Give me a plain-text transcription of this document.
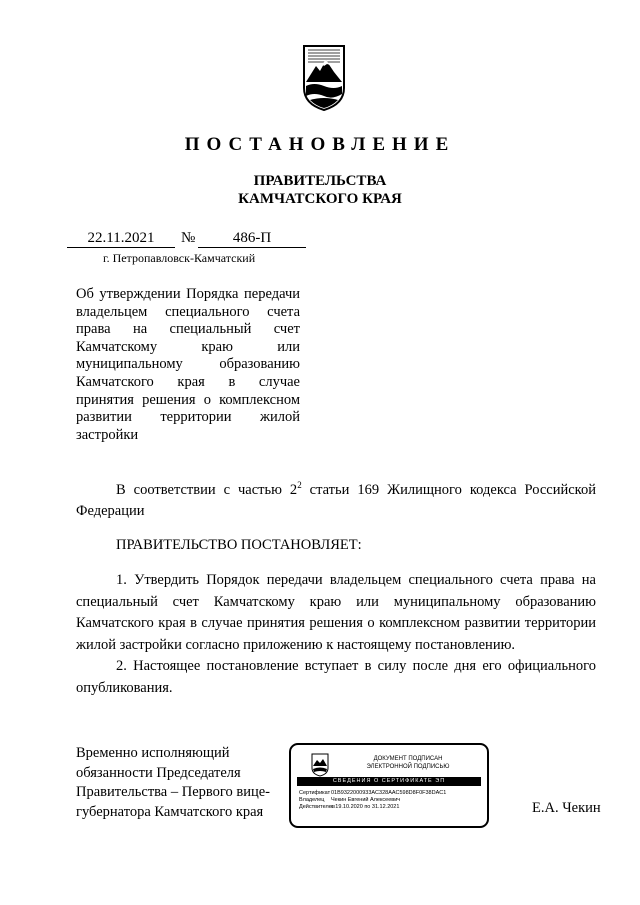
ПОСТАНОВЛЕНИЕ
ПРАВИТЕЛЬСТВА
КАМЧАТСКОГО КРАЯ
22.11.2021	№	486-П
г. Петропавловск-Камчатский
Об утверждении Порядка передачи владельцем специального счета права на специальный счет Камчатскому краю или муниципальному образованию Камчатского края в случае принятия решения о комплексном развитии территории жилой застройки
В соответствии с частью $2^2$ статьи 169 Жилищного кодекса Российской Федерации
ПРАВИТЕЛЬСТВО ПОСТАНОВЛЯЕТ:
1. Утвердить Порядок передачи владельцем специального счета права на специальный счет Камчатскому краю или муниципальному образованию Камчатского края в случае принятия решения о комплексном развитии территории жилой застройки согласно приложению к настоящему постановлению.
2. Настоящее постановление вступает в силу после дня его официального опубликования.
Временно исполняющий
обязанности Председателя
Правительства – Первого вице-
губернатора Камчатского края
ДОКУМЕНТ ПОДПИСАН
ЭЛЕКТРОННОЙ ПОДПИСЬЮ
СВЕДЕНИЯ О СЕРТИФИКАТЕ ЭП
Сертификат01B9322000933AC328AAC598D8F0F38DAC1
Владелец Чекин Евгений Алексеевич
Действителенс 19.10.2020 по 31.12.2021	Е.А. Чекин
